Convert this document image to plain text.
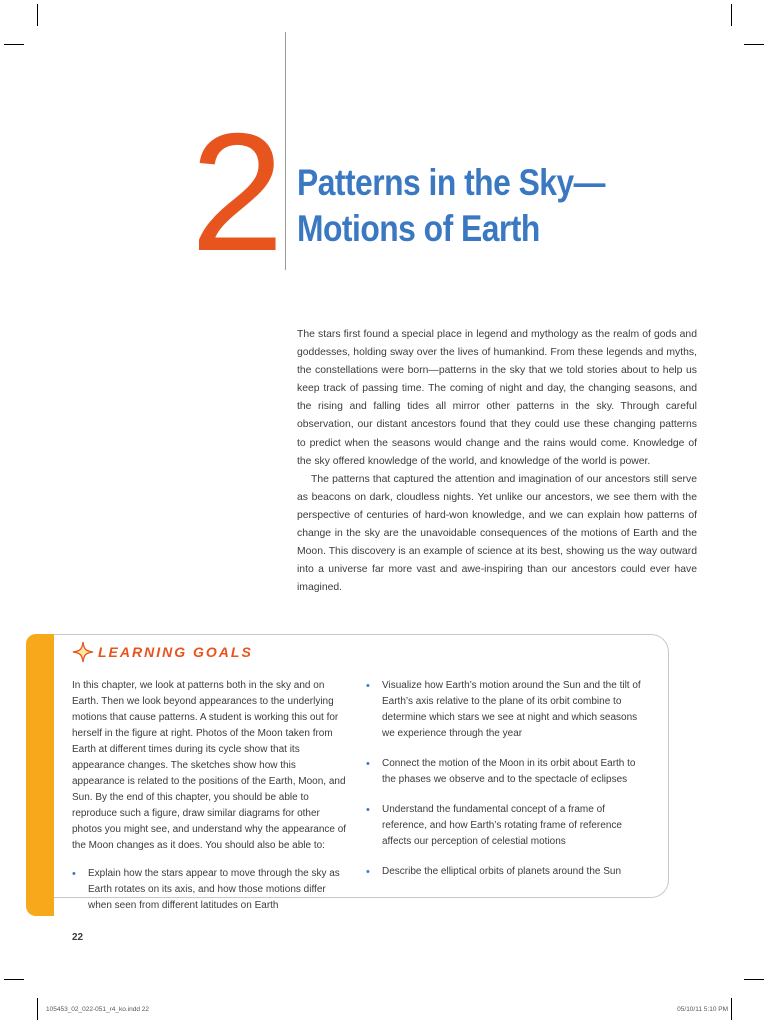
2 Patterns in the Sky—
Motions of Earth

The stars first found a special place in legend and mythology as the realm of gods and goddesses, holding sway over the lives of humankind. From these legends and myths, the constellations were born—patterns in the sky that we told stories about to help us keep track of passing time. The coming of night and day, the changing seasons, and the rising and falling tides all mirror other patterns in the sky. Through careful observation, our distant ancestors found that they could use these changing patterns to predict when the seasons would change and the rains would come. Knowledge of the sky offered knowledge of the world, and knowledge of the world is power.

The patterns that captured the attention and imagination of our ancestors still serve as beacons on dark, cloudless nights. Yet unlike our ancestors, we see them with the perspective of centuries of hard-won knowledge, and we can explain how patterns of change in the sky are the unavoidable consequences of the motions of Earth and the Moon. This discovery is an example of science at its best, showing us the way outward into a universe far more vast and awe-inspiring than our ancestors could ever have imagined.

LEARNING GOALS

In this chapter, we look at patterns both in the sky and on Earth. Then we look beyond appearances to the underlying motions that cause patterns. A student is working this out for herself in the figure at right. Photos of the Moon taken from Earth at different times during its cycle show that its appearance changes. The sketches show how this appearance is related to the positions of the Earth, Moon, and Sun. By the end of this chapter, you should be able to reproduce such a figure, draw similar diagrams for other photos you might see, and understand why the appearance of the Moon changes as it does. You should also be able to:

• Explain how the stars appear to move through the sky as Earth rotates on its axis, and how those motions differ when seen from different latitudes on Earth
• Visualize how Earth’s motion around the Sun and the tilt of Earth’s axis relative to the plane of its orbit combine to determine which stars we see at night and which seasons we experience through the year
• Connect the motion of the Moon in its orbit about Earth to the phases we observe and to the spectacle of eclipses
• Understand the fundamental concept of a frame of reference, and how Earth’s rotating frame of reference affects our perception of celestial motions
• Describe the elliptical orbits of planets around the Sun
22
105453_02_022-051_r4_ko.indd 22	05/10/11 5:10 PM
